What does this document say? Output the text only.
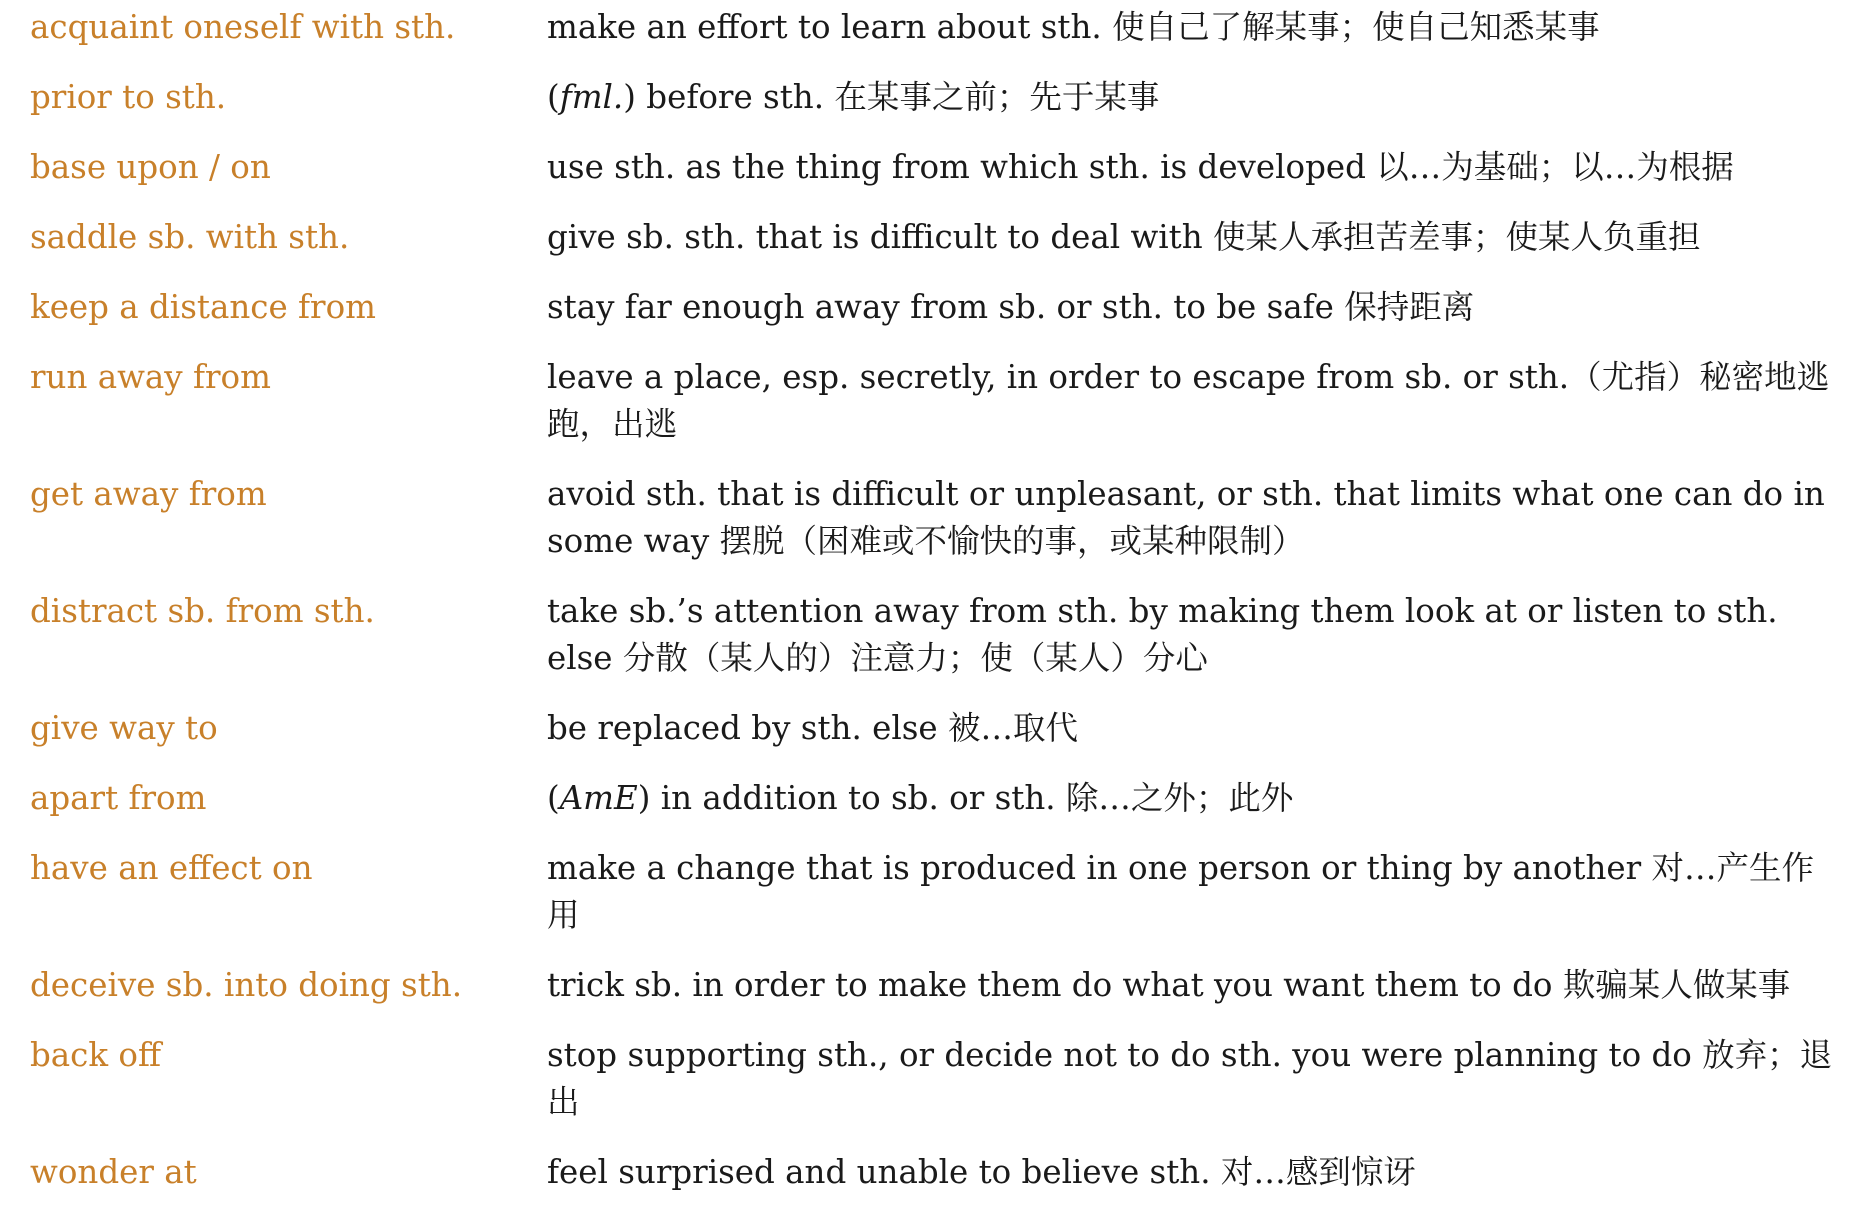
acquaint oneself with sth.	make an effort to learn about sth. 使自己了解某事；使自己知悉某事
prior to sth.	(fml.) before sth. 在某事之前；先于某事
base upon / on	use sth. as the thing from which sth. is developed 以…为基础；以…为根据
saddle sb. with sth.	give sb. sth. that is difficult to deal with 使某人承担苦差事；使某人负重担
keep a distance from	stay far enough away from sb. or sth. to be safe 保持距离
run away from	leave a place, esp. secretly, in order to escape from sb. or sth.（尤指）秘密地逃跑，出逃
get away from	avoid sth. that is difficult or unpleasant, or sth. that limits what one can do in some way 摆脱（困难或不愉快的事，或某种限制）
distract sb. from sth.	take sb.’s attention away from sth. by making them look at or listen to sth. else 分散（某人的）注意力；使（某人）分心
give way to	be replaced by sth. else 被…取代
apart from	(AmE) in addition to sb. or sth. 除…之外；此外
have an effect on	make a change that is produced in one person or thing by another 对…产生作用
deceive sb. into doing sth.	trick sb. in order to make them do what you want them to do 欺骗某人做某事
back off	stop supporting sth., or decide not to do sth. you were planning to do 放弃；退出
wonder at	feel surprised and unable to believe sth. 对…感到惊讶
